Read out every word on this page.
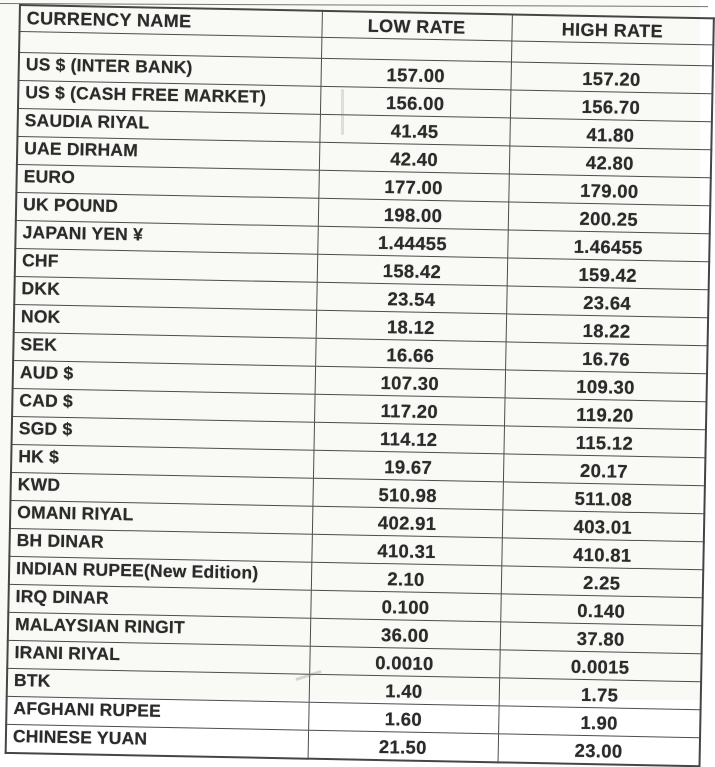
CURRENCY NAME	LOW RATE	HIGH RATE

US $ (INTER BANK)	157.00	157.20
US $ (CASH FREE MARKET)	156.00	156.70
SAUDIA RIYAL	41.45	41.80
UAE DIRHAM	42.40	42.80
EURO	177.00	179.00
UK POUND	198.00	200.25
JAPANI YEN ¥	1.44455	1.46455
CHF	158.42	159.42
DKK	23.54	23.64
NOK	18.12	18.22
SEK	16.66	16.76
AUD $	107.30	109.30
CAD $	117.20	119.20
SGD $	114.12	115.12
HK $	19.67	20.17
KWD	510.98	511.08
OMANI RIYAL	402.91	403.01
BH DINAR	410.31	410.81
INDIAN RUPEE(New Edition)	2.10	2.25
IRQ DINAR	0.100	0.140
MALAYSIAN RINGIT	36.00	37.80
IRANI RIYAL	0.0010	0.0015
BTK	1.40	1.75
AFGHANI RUPEE	1.60	1.90
CHINESE YUAN	21.50	23.00
